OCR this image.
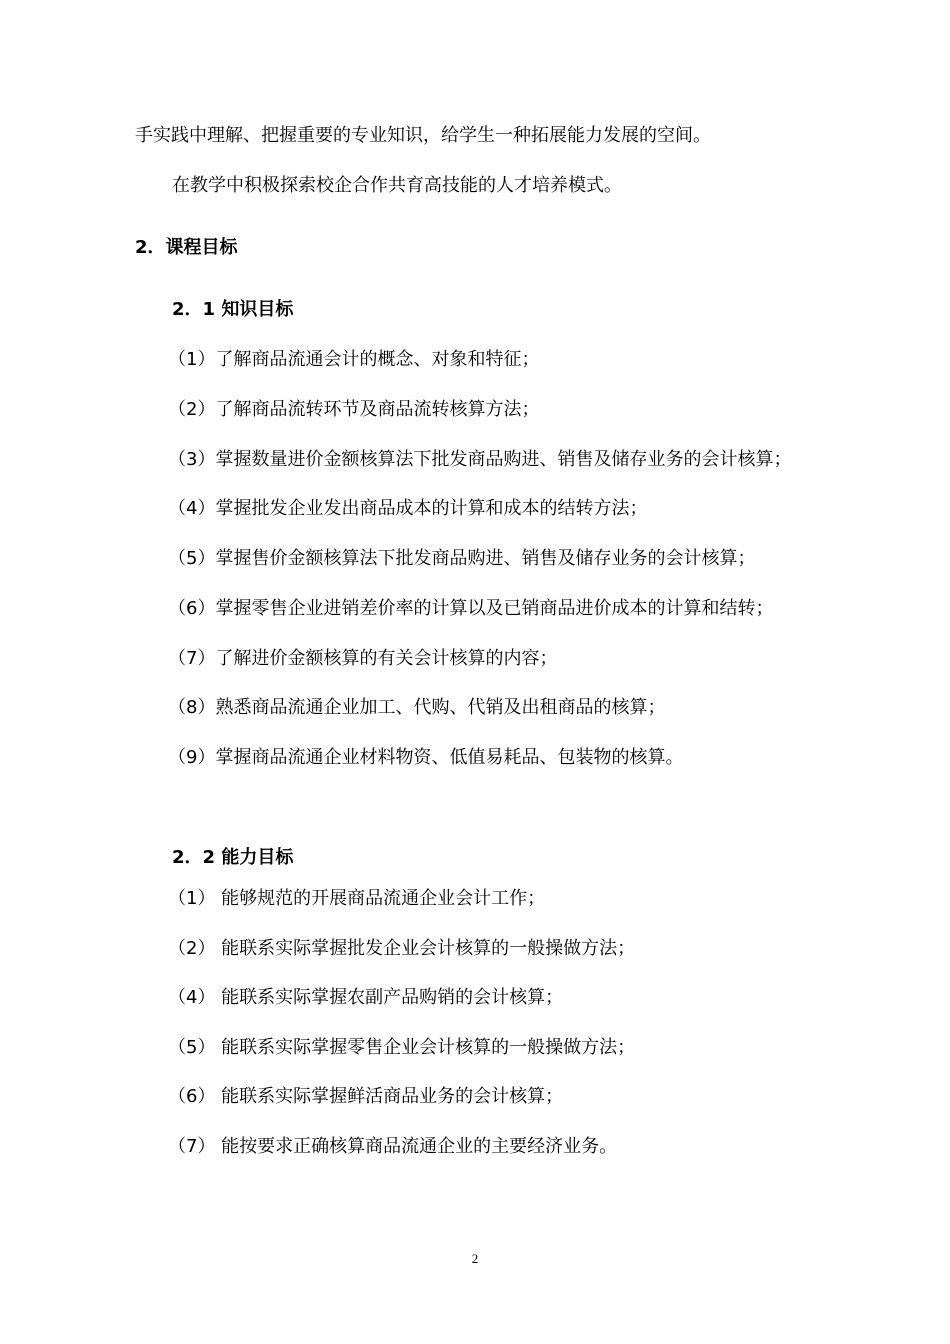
手实践中理解、把握重要的专业知识，给学生一种拓展能力发展的空间。
在教学中积极探索校企合作共育高技能的人才培养模式。
2．课程目标
2．1 知识目标
（1）了解商品流通会计的概念、对象和特征；
（2）了解商品流转环节及商品流转核算方法；
（3）掌握数量进价金额核算法下批发商品购进、销售及储存业务的会计核算；
（4）掌握批发企业发出商品成本的计算和成本的结转方法；
（5）掌握售价金额核算法下批发商品购进、销售及储存业务的会计核算；
（6）掌握零售企业进销差价率的计算以及已销商品进价成本的计算和结转；
（7）了解进价金额核算的有关会计核算的内容；
（8）熟悉商品流通企业加工、代购、代销及出租商品的核算；
（9）掌握商品流通企业材料物资、低值易耗品、包装物的核算。
2．2 能力目标
（1） 能够规范的开展商品流通企业会计工作；
（2） 能联系实际掌握批发企业会计核算的一般操做方法；
（4） 能联系实际掌握农副产品购销的会计核算；
（5） 能联系实际掌握零售企业会计核算的一般操做方法；
（6） 能联系实际掌握鲜活商品业务的会计核算；
（7） 能按要求正确核算商品流通企业的主要经济业务。
2
